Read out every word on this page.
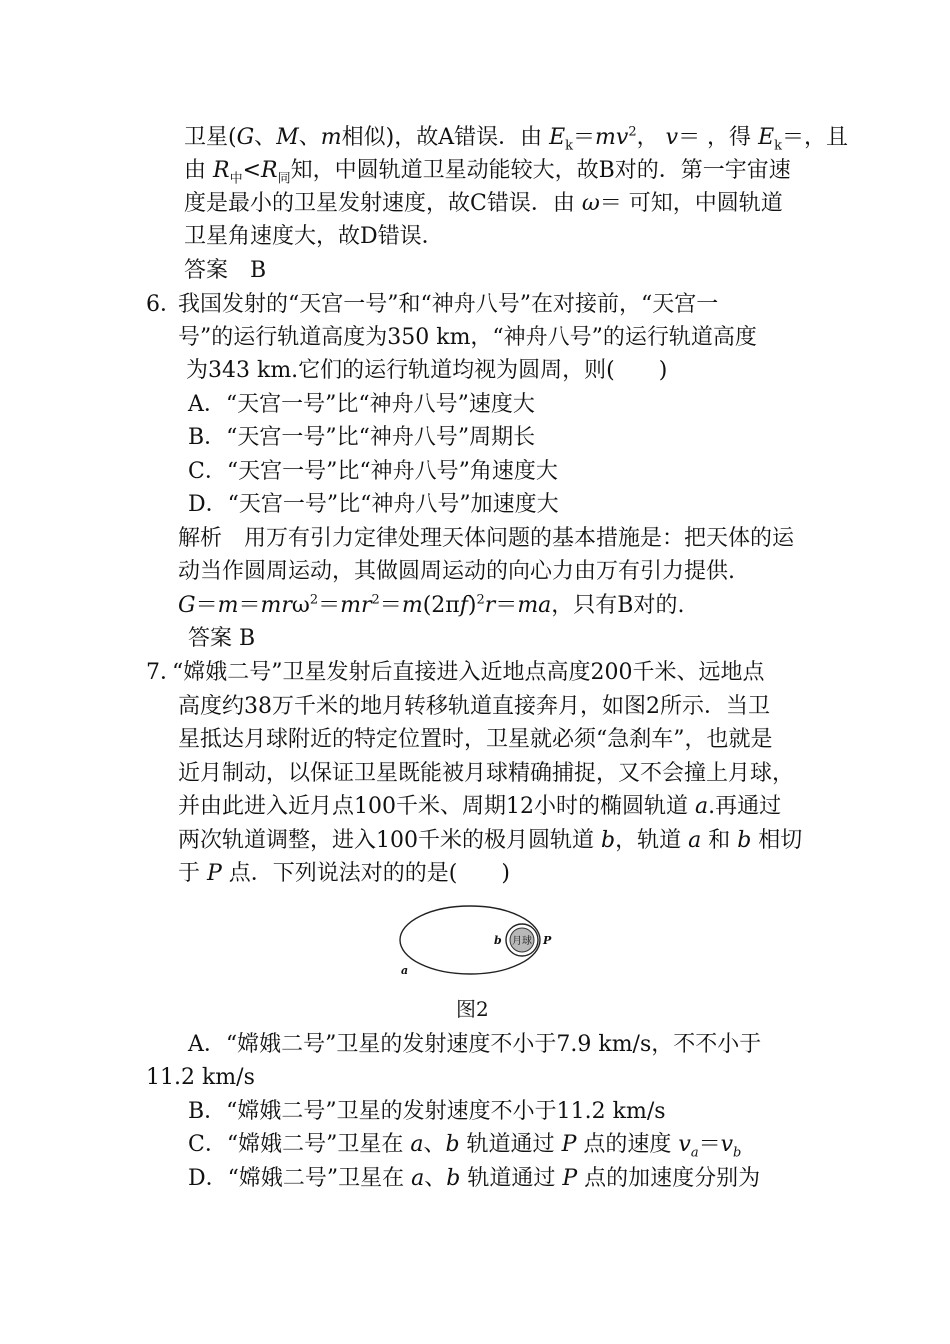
卫星(G、M、m相似)，故A错误．由 $E_k=mv^2$， v＝ ，得 $E_k=$，且
由 $R_中<R_同$知，中圆轨道卫星动能较大，故B对的．第一宇宙速
度是最小的卫星发射速度，故C错误．由 ω＝ 可知，中圆轨道
卫星角速度大，故D错误．
答案　B
6．
我国发射的“天宫一号”和“神舟八号”在对接前，“天宫一
号”的运行轨道高度为350 km，“神舟八号”的运行轨道高度
为343 km.它们的运行轨道均视为圆周，则(　　)
A．“天宫一号”比“神舟八号”速度大
B．“天宫一号”比“神舟八号”周期长
C．“天宫一号”比“神舟八号”角速度大
D．“天宫一号”比“神舟八号”加速度大
解析　用万有引力定律处理天体问题的基本措施是：把天体的运
动当作圆周运动，其做圆周运动的向心力由万有引力提供.
$G=m=mr\omega^2=mr^2=m(2\pi f)^2r=ma$，只有B对的.
答案 B
7．
“嫦娥二号”卫星发射后直接进入近地点高度200千米、远地点
高度约38万千米的地月转移轨道直接奔月，如图2所示．当卫
星抵达月球附近的特定位置时，卫星就必须“急刹车”，也就是
近月制动，以保证卫星既能被月球精确捕捉，又不会撞上月球，
并由此进入近月点100千米、周期12小时的椭圆轨道 a.再通过
两次轨道调整，进入100千米的极月圆轨道 b，轨道 a 和 b 相切
于 P 点．下列说法对的的是(　　)
月球
b	P
a
图2
A．“嫦娥二号”卫星的发射速度不小于7.9 km/s，不不小于
11.2 km/s
B．“嫦娥二号”卫星的发射速度不小于11.2 km/s
C．“嫦娥二号”卫星在 a、b 轨道通过 P 点的速度 $v_a=v_b$
D．“嫦娥二号”卫星在 a、b 轨道通过 P 点的加速度分别为
